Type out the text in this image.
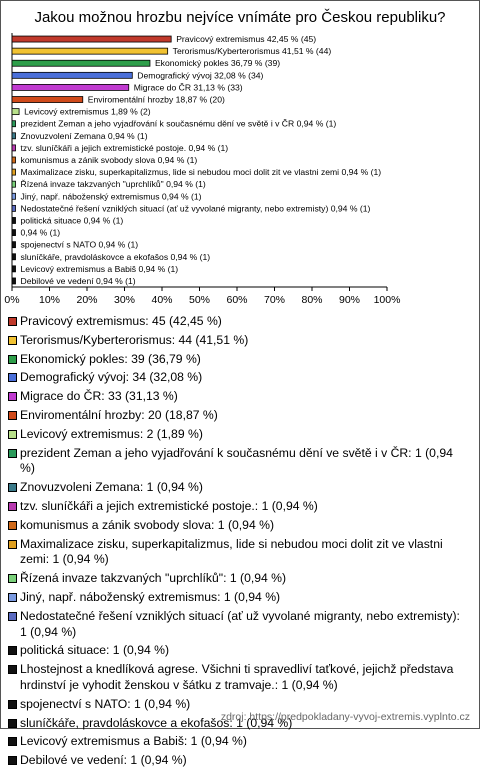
Jakou možnou hrozbu nejvíce vnímáte pro Českou republiku?
Pravicový extremismus 42,45 % (45)
Terorismus/Kyberterorismus 41,51 % (44)
Ekonomický pokles 36,79 % (39)
Demografický vývoj 32,08 % (34)
Migrace do ČR 31,13 % (33)
Enviromentální hrozby 18,87 % (20)
Levicový extremismus 1,89 % (2)
prezident Zeman a jeho vyjadřování k současnému dění ve světě i v ČR 0,94 % (1)
Znovuzvolení Zemana 0,94 % (1)
tzv. sluníčkáři a jejich extremistické postoje. 0,94 % (1)
komunismus a zánik svobody slova 0,94 % (1)
Maximalizace zisku, superkapitalizmus, lide si nebudou moci dolit zit ve vlastni zemi 0,94 % (1)
Řízená invaze takzvaných "uprchlíků" 0,94 % (1)
Jiný, např. náboženský extremismus 0,94 % (1)
Nedostatečné řešení vzniklých situací (ať už vyvolané migranty, nebo extremisty) 0,94 % (1)
politická situace 0,94 % (1)
0,94 % (1)
spojenectví s NATO 0,94 % (1)
sluníčkáře, pravdoláskovce a ekofašos 0,94 % (1)
Levicový extremismus a Babiš 0,94 % (1)
Debilové ve vedení 0,94 % (1)
0% 10% 20% 30% 40% 50% 60% 70% 80% 90% 100%
Pravicový extremismus: 45 (42,45 %)
Terorismus/Kyberterorismus: 44 (41,51 %)
Ekonomický pokles: 39 (36,79 %)
Demografický vývoj: 34 (32,08 %)
Migrace do ČR: 33 (31,13 %)
Enviromentální hrozby: 20 (18,87 %)
Levicový extremismus: 2 (1,89 %)
prezident Zeman a jeho vyjadřování k současnému dění ve světě i v ČR: 1 (0,94 %)
Znovuzvoleni Zemana: 1 (0,94 %)
tzv. sluníčkáři a jejich extremistické postoje.: 1 (0,94 %)
komunismus a zánik svobody slova: 1 (0,94 %)
Maximalizace zisku, superkapitalizmus, lide si nebudou moci dolit zit ve vlastni zemi: 1 (0,94 %)
Řízená invaze takzvaných "uprchlíků": 1 (0,94 %)
Jiný, např. náboženský extremismus: 1 (0,94 %)
Nedostatečné řešení vzniklých situací (ať už vyvolané migranty, nebo extremisty): 1 (0,94 %)
politická situace: 1 (0,94 %)
Lhostejnost a knedlíková agrese. Všichni ti spravedliví taťkové, jejichž představa hrdinství je vyhodit ženskou v šátku z tramvaje.: 1 (0,94 %)
spojenectví s NATO: 1 (0,94 %)
sluníčkáře, pravdoláskovce a ekofašos: 1 (0,94 %)
Levicový extremismus a Babiš: 1 (0,94 %)
Debilové ve vedení: 1 (0,94 %)
zdroj: https://predpokladany-vyvoj-extremis.vyplnto.cz
